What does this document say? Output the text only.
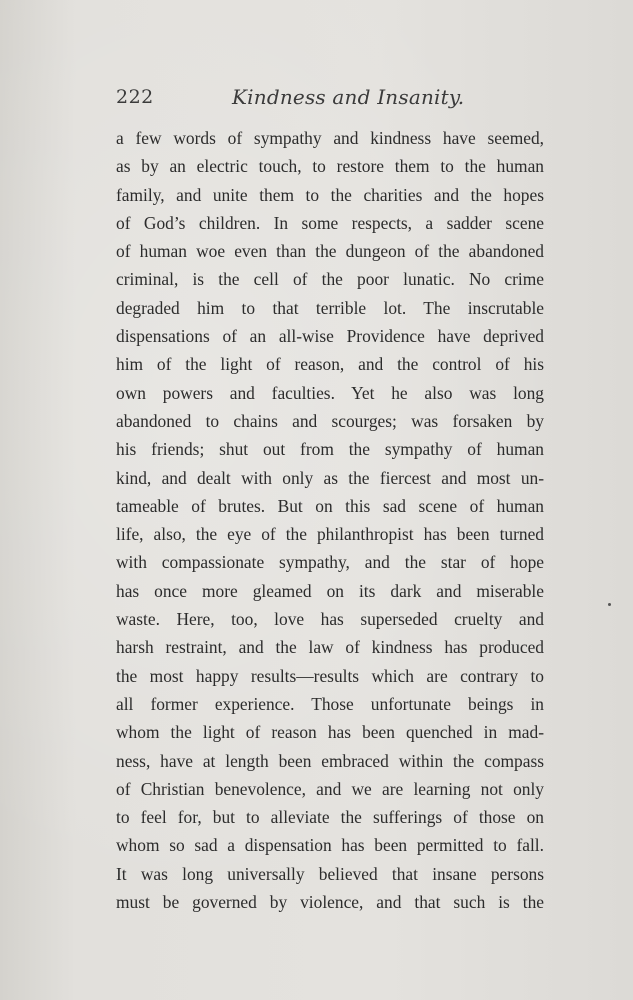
222	Kindness and Insanity.
a few words of sympathy and kindness have seemed,
as by an electric touch, to restore them to the human
family, and unite them to the charities and the hopes
of God’s children. In some respects, a sadder scene
of human woe even than the dungeon of the abandoned
criminal, is the cell of the poor lunatic. No crime
degraded him to that terrible lot. The inscrutable
dispensations of an all-wise Providence have deprived
him of the light of reason, and the control of his
own powers and faculties. Yet he also was long
abandoned to chains and scourges; was forsaken by
his friends; shut out from the sympathy of human
kind, and dealt with only as the fiercest and most un-
tameable of brutes. But on this sad scene of human
life, also, the eye of the philanthropist has been turned
with compassionate sympathy, and the star of hope
has once more gleamed on its dark and miserable
waste. Here, too, love has superseded cruelty and
harsh restraint, and the law of kindness has produced
the most happy results—results which are contrary to
all former experience. Those unfortunate beings in
whom the light of reason has been quenched in mad-
ness, have at length been embraced within the compass
of Christian benevolence, and we are learning not only
to feel for, but to alleviate the sufferings of those on
whom so sad a dispensation has been permitted to fall.
It was long universally believed that insane persons
must be governed by violence, and that such is the
